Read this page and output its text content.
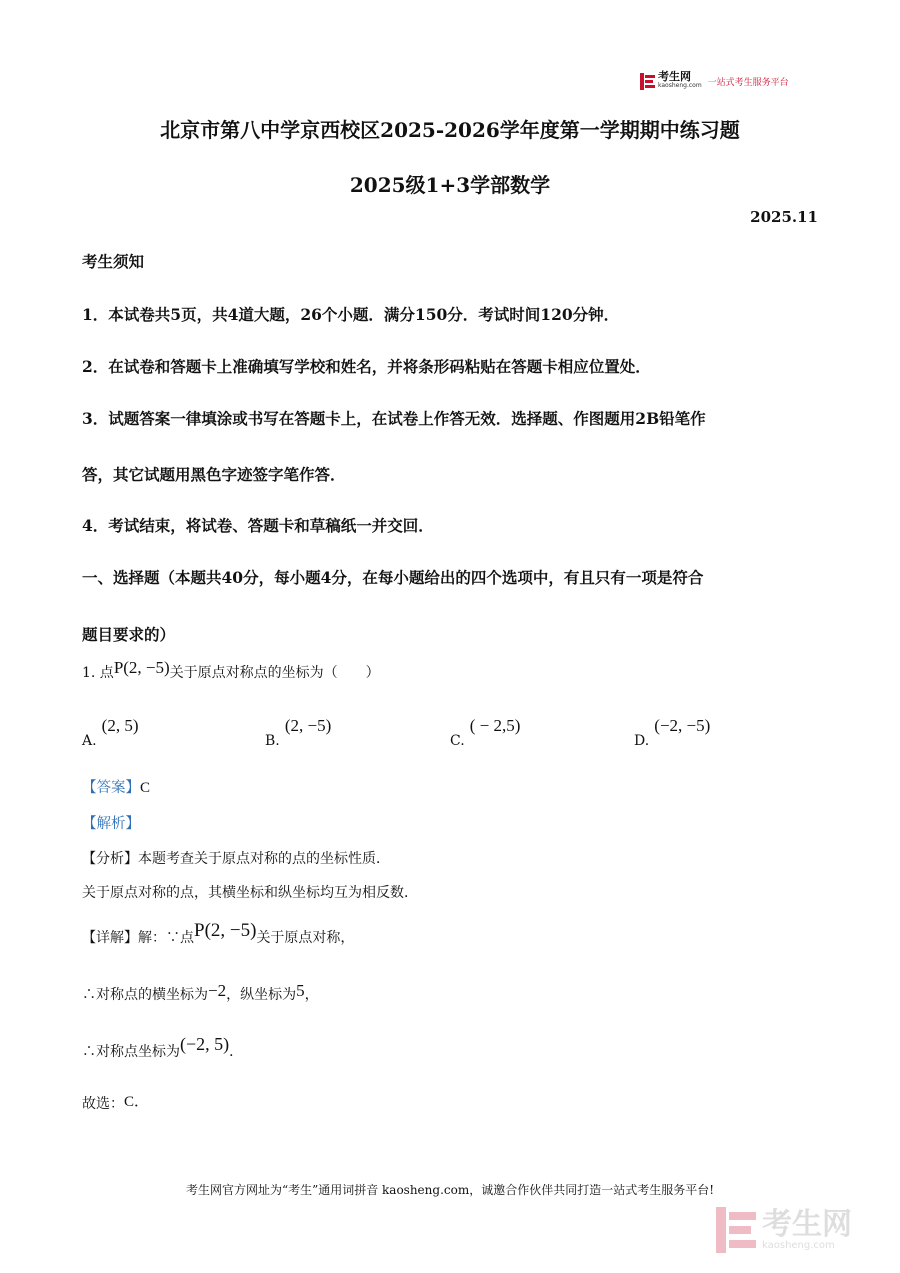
考生网
kaosheng.com 一站式考生服务平台
北京市第八中学京西校区2025-2026学年度第一学期期中练习题
2025级1+3学部数学
2025.11
考生须知
1．本试卷共5页，共4道大题，26个小题．满分150分．考试时间120分钟．
2．在试卷和答题卡上准确填写学校和姓名，并将条形码粘贴在答题卡相应位置处．
3．试题答案一律填涂或书写在答题卡上，在试卷上作答无效．选择题、作图题用2B铅笔作
答，其它试题用黑色字迹签字笔作答．
4．考试结束，将试卷、答题卡和草稿纸一并交回．
一、选择题（本题共40分，每小题4分，在每小题给出的四个选项中，有且只有一项是符合
题目要求的）
1. 点P(2, −5)关于原点对称点的坐标为（　　）
A. (2, 5)
B. (2, −5)
C. ( − 2,5)
D. (−2, −5)
【答案】C
【解析】
【分析】本题考查关于原点对称的点的坐标性质．
关于原点对称的点，其横坐标和纵坐标均互为相反数．
【详解】解：∵点P(2, −5)关于原点对称，
∴对称点的横坐标为−2，纵坐标为5，
∴对称点坐标为(−2, 5)．
故选：C．
考生网官方网址为“考生”通用词拼音 kaosheng.com，诚邀合作伙伴共同打造一站式考生服务平台!
考生网
kaosheng.com
